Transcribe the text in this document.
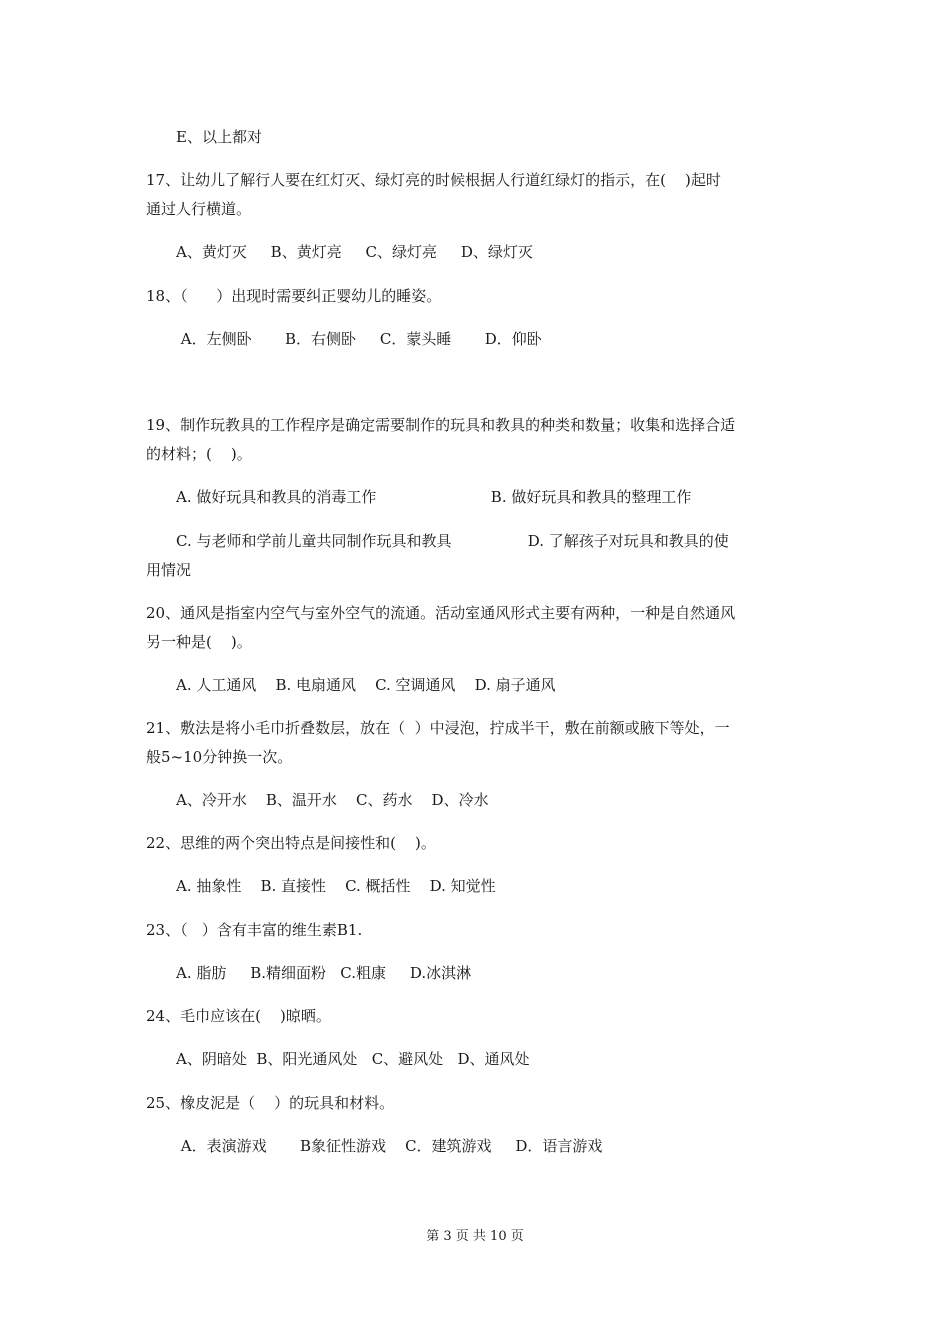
E、以上都对
17、让幼儿了解行人要在红灯灭、绿灯亮的时候根据人行道红绿灯的指示，在(    )起时
通过人行横道。
A、黄灯灭     B、黄灯亮     C、绿灯亮     D、绿灯灭
18、（      ）出现时需要纠正婴幼儿的睡姿。
A．左侧卧       B．右侧卧     C．蒙头睡       D．仰卧
19、制作玩教具的工作程序是确定需要制作的玩具和教具的种类和数量；收集和选择合适
的材料；(    )。
A. 做好玩具和教具的消毒工作                        B. 做好玩具和教具的整理工作
C. 与老师和学前儿童共同制作玩具和教具                D. 了解孩子对玩具和教具的使
用情况
20、通风是指室内空气与室外空气的流通。活动室通风形式主要有两种，一种是自然通风
另一种是(    )。
A. 人工通风    B. 电扇通风    C. 空调通风    D. 扇子通风
21、敷法是将小毛巾折叠数层，放在（  ）中浸泡，拧成半干，敷在前额或腋下等处，一
般5~10分钟换一次。
A、冷开水    B、温开水    C、药水    D、冷水
22、思维的两个突出特点是间接性和(    )。
A. 抽象性    B. 直接性    C. 概括性    D. 知觉性
23、（   ）含有丰富的维生素B1.
A. 脂肪     B.精细面粉   C.粗康     D.冰淇淋
24、毛巾应该在(    )晾晒。
A、阴暗处  B、阳光通风处   C、避风处   D、通风处
25、橡皮泥是（    ）的玩具和材料。
A．表演游戏       B象征性游戏    C．建筑游戏     D．语言游戏
第 3 页 共 10 页
